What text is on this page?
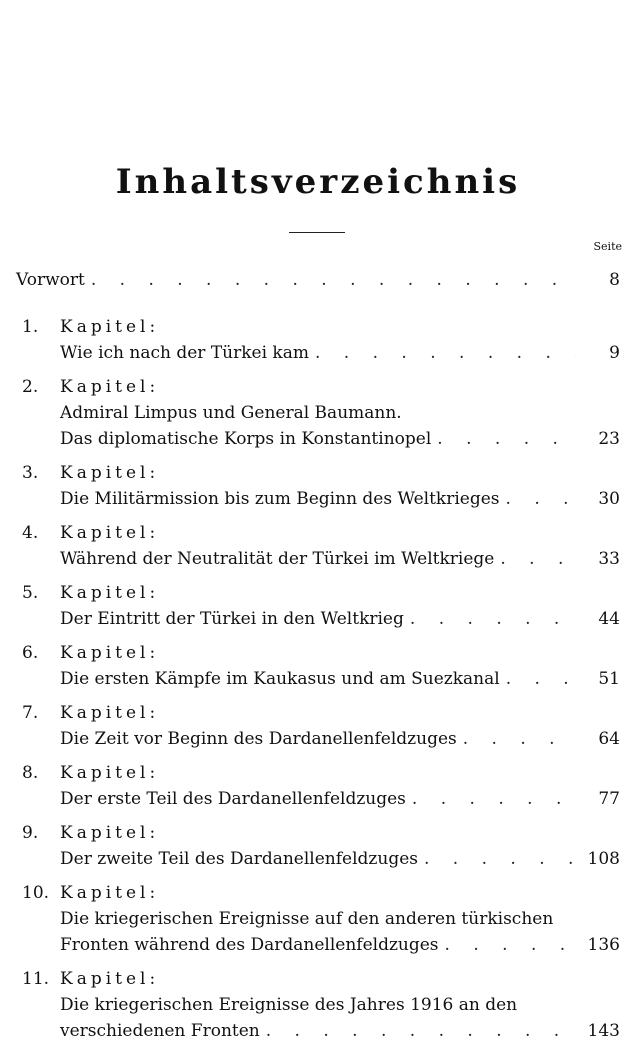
Inhaltsverzeichnis
Seite
Vorwort . . .	8
1.	Kapitel:
Wie ich nach der Türkei kam . . .	9
2.	Kapitel:
Admiral Limpus und General Baumann.
Das diplomatische Korps in Konstantinopel . . .	23
3.	Kapitel:
Die Militärmission bis zum Beginn des Weltkrieges . . .	30
4.	Kapitel:
Während der Neutralität der Türkei im Weltkriege . . .	33
5.	Kapitel:
Der Eintritt der Türkei in den Weltkrieg . . .	44
6.	Kapitel:
Die ersten Kämpfe im Kaukasus und am Suezkanal . . .	51
7.	Kapitel:
Die Zeit vor Beginn des Dardanellenfeldzuges . . .	64
8.	Kapitel:
Der erste Teil des Dardanellenfeldzuges . . .	77
9.	Kapitel:
Der zweite Teil des Dardanellenfeldzuges . . .	108
10. Kapitel:
Die kriegerischen Ereignisse auf den anderen türkischen
Fronten während des Dardanellenfeldzuges . . .	136
11. Kapitel:
Die kriegerischen Ereignisse des Jahres 1916 an den
verschiedenen Fronten . . .	143
